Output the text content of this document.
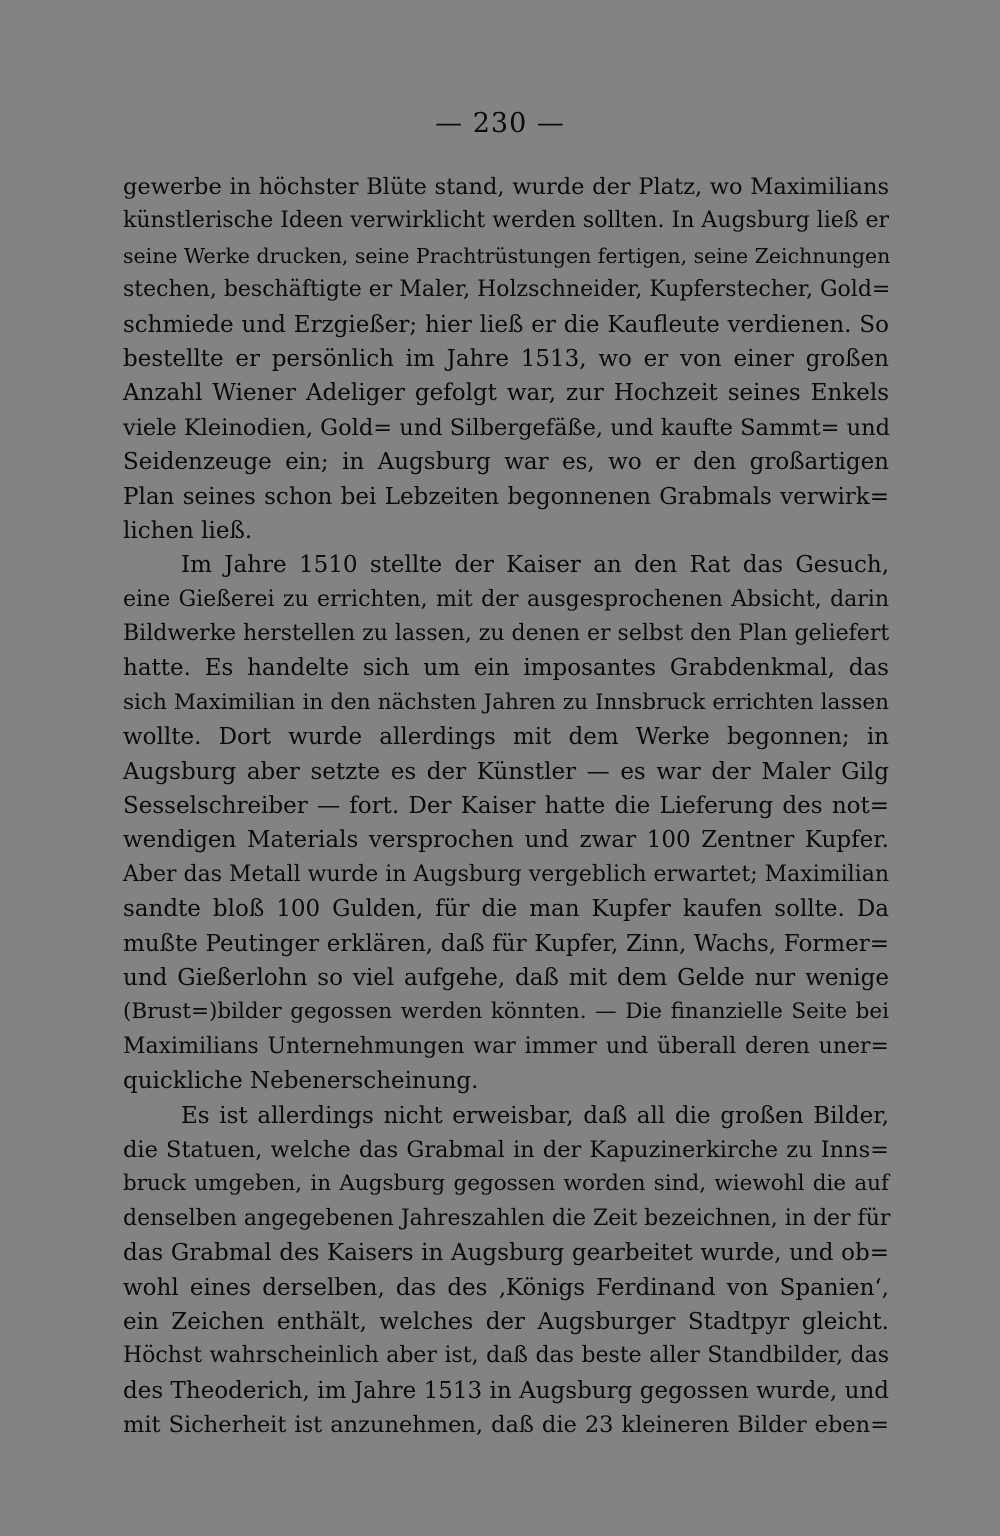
— 230 —
gewerbe in höchster Blüte stand, wurde der Platz, wo Maximilians
künstlerische Ideen verwirklicht werden sollten. In Augsburg ließ er
seine Werke drucken, seine Prachtrüstungen fertigen, seine Zeichnungen
stechen, beschäftigte er Maler, Holzschneider, Kupferstecher, Gold=
schmiede und Erzgießer; hier ließ er die Kaufleute verdienen. So
bestellte er persönlich im Jahre 1513, wo er von einer großen
Anzahl Wiener Adeliger gefolgt war, zur Hochzeit seines Enkels
viele Kleinodien, Gold= und Silbergefäße, und kaufte Sammt= und
Seidenzeuge ein; in Augsburg war es, wo er den großartigen
Plan seines schon bei Lebzeiten begonnenen Grabmals verwirk=
lichen ließ.
Im Jahre 1510 stellte der Kaiser an den Rat das Gesuch,
eine Gießerei zu errichten, mit der ausgesprochenen Absicht, darin
Bildwerke herstellen zu lassen, zu denen er selbst den Plan geliefert
hatte. Es handelte sich um ein imposantes Grabdenkmal, das
sich Maximilian in den nächsten Jahren zu Innsbruck errichten lassen
wollte. Dort wurde allerdings mit dem Werke begonnen; in
Augsburg aber setzte es der Künstler — es war der Maler Gilg
Sesselschreiber — fort. Der Kaiser hatte die Lieferung des not=
wendigen Materials versprochen und zwar 100 Zentner Kupfer.
Aber das Metall wurde in Augsburg vergeblich erwartet; Maximilian
sandte bloß 100 Gulden, für die man Kupfer kaufen sollte. Da
mußte Peutinger erklären, daß für Kupfer, Zinn, Wachs, Former=
und Gießerlohn so viel aufgehe, daß mit dem Gelde nur wenige
(Brust=)bilder gegossen werden könnten. — Die finanzielle Seite bei
Maximilians Unternehmungen war immer und überall deren uner=
quickliche Nebenerscheinung.
Es ist allerdings nicht erweisbar, daß all die großen Bilder,
die Statuen, welche das Grabmal in der Kapuzinerkirche zu Inns=
bruck umgeben, in Augsburg gegossen worden sind, wiewohl die auf
denselben angegebenen Jahreszahlen die Zeit bezeichnen, in der für
das Grabmal des Kaisers in Augsburg gearbeitet wurde, und ob=
wohl eines derselben, das des ‚Königs Ferdinand von Spanien‘,
ein Zeichen enthält, welches der Augsburger Stadtpyr gleicht.
Höchst wahrscheinlich aber ist, daß das beste aller Standbilder, das
des Theoderich, im Jahre 1513 in Augsburg gegossen wurde, und
mit Sicherheit ist anzunehmen, daß die 23 kleineren Bilder eben=
